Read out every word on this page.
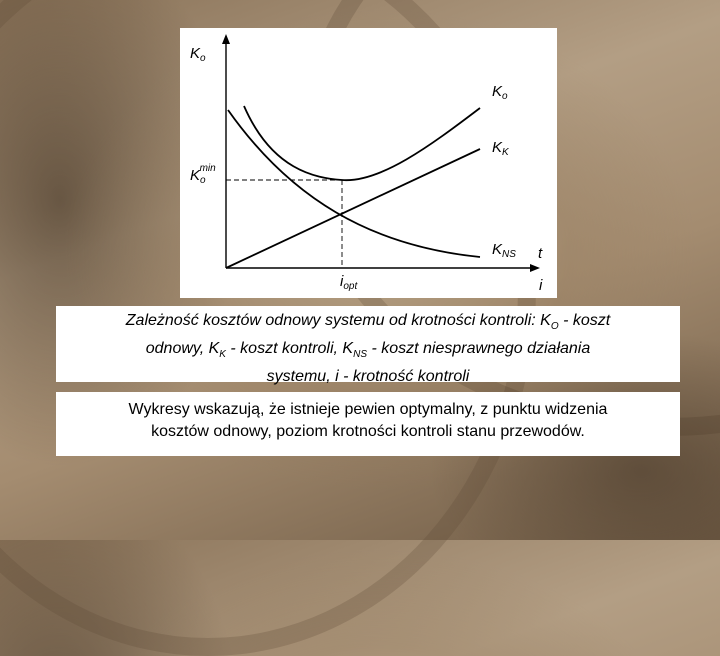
$K_o$
$K_o\min$
$K_o$
$K_K$
$K_{NS}$ t
i
$i_{opt}$
Zależność kosztów odnowy systemu od krotności kontroli: $K_O$ - koszt
odnowy, $K_K$ - koszt kontroli, $K_{NS}$ - koszt niesprawnego działania
systemu, i - krotność kontroli
Wykresy wskazują, że istnieje pewien optymalny, z punktu widzenia
kosztów odnowy, poziom krotności kontroli stanu przewodów.
